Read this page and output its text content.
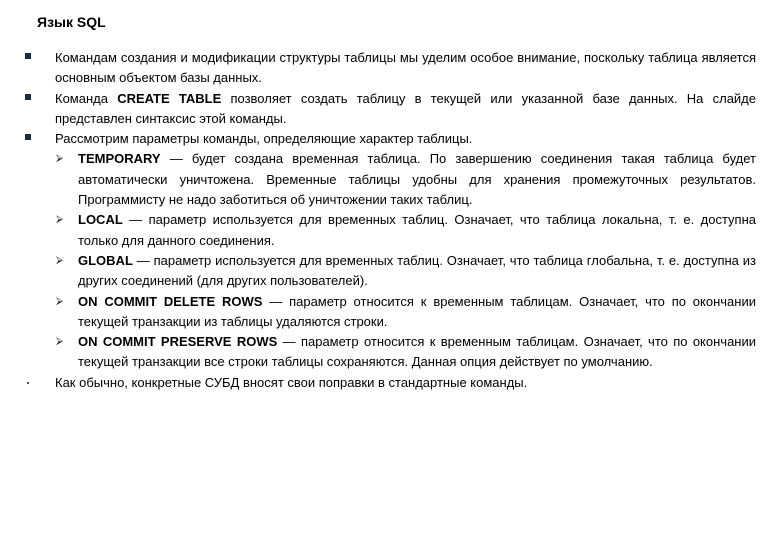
Язык SQL
Командам создания и модификации структуры таблицы мы уделим особое внимание, поскольку таблица является основным объектом базы данных.
Команда CREATE TABLE позволяет создать таблицу в текущей или указанной базе данных. На слайде представлен синтаксис этой команды.
Рассмотрим параметры команды, определяющие характер таблицы.
⮚ TEMPORARY — будет создана временная таблица. По завершению соединения такая таблица будет автоматически уничтожена. Временные таблицы удобны для хранения промежуточных результатов. Программисту не надо заботиться об уничтожении таких таблиц.
⮚ LOCAL — параметр используется для временных таблиц. Означает, что таблица локальна, т. е. доступна только для данного соединения.
⮚ GLOBAL — параметр используется для временных таблиц. Означает, что таблица глобальна, т. е. доступна из других соединений (для других пользователей).
⮚ ON COMMIT DELETE ROWS — параметр относится к временным таблицам. Означает, что по окончании текущей транзакции из таблицы удаляются строки.
⮚ ON COMMIT PRESERVE ROWS — параметр относится к временным таблицам. Означает, что по окончании текущей транзакции все строки таблицы сохраняются. Данная опция действует по умолчанию.
Как обычно, конкретные СУБД вносят свои поправки в стандартные команды.
